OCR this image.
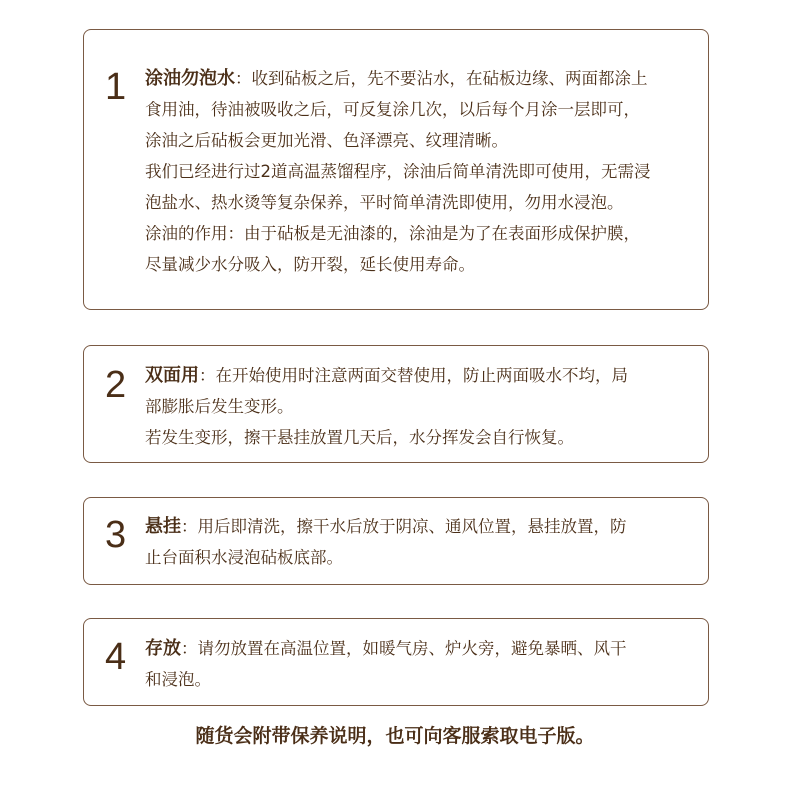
1 涂油勿泡水：收到砧板之后，先不要沾水，在砧板边缘、两面都涂上

食用油，待油被吸收之后，可反复涂几次，以后每个月涂一层即可，

涂油之后砧板会更加光滑、色泽漂亮、纹理清晰。

我们已经进行过2道高温蒸馏程序，涂油后简单清洗即可使用，无需浸

泡盐水、热水烫等复杂保养，平时简单清洗即使用，勿用水浸泡。

涂油的作用：由于砧板是无油漆的，涂油是为了在表面形成保护膜，

尽量减少水分吸入，防开裂，延长使用寿命。

2 双面用：在开始使用时注意两面交替使用，防止两面吸水不均，局

部膨胀后发生变形。

若发生变形，擦干悬挂放置几天后，水分挥发会自行恢复。

3 悬挂：用后即清洗，擦干水后放于阴凉、通风位置，悬挂放置，防

止台面积水浸泡砧板底部。

4 存放：请勿放置在高温位置，如暖气房、炉火旁，避免暴晒、风干

和浸泡。

随货会附带保养说明，也可向客服索取电子版。
